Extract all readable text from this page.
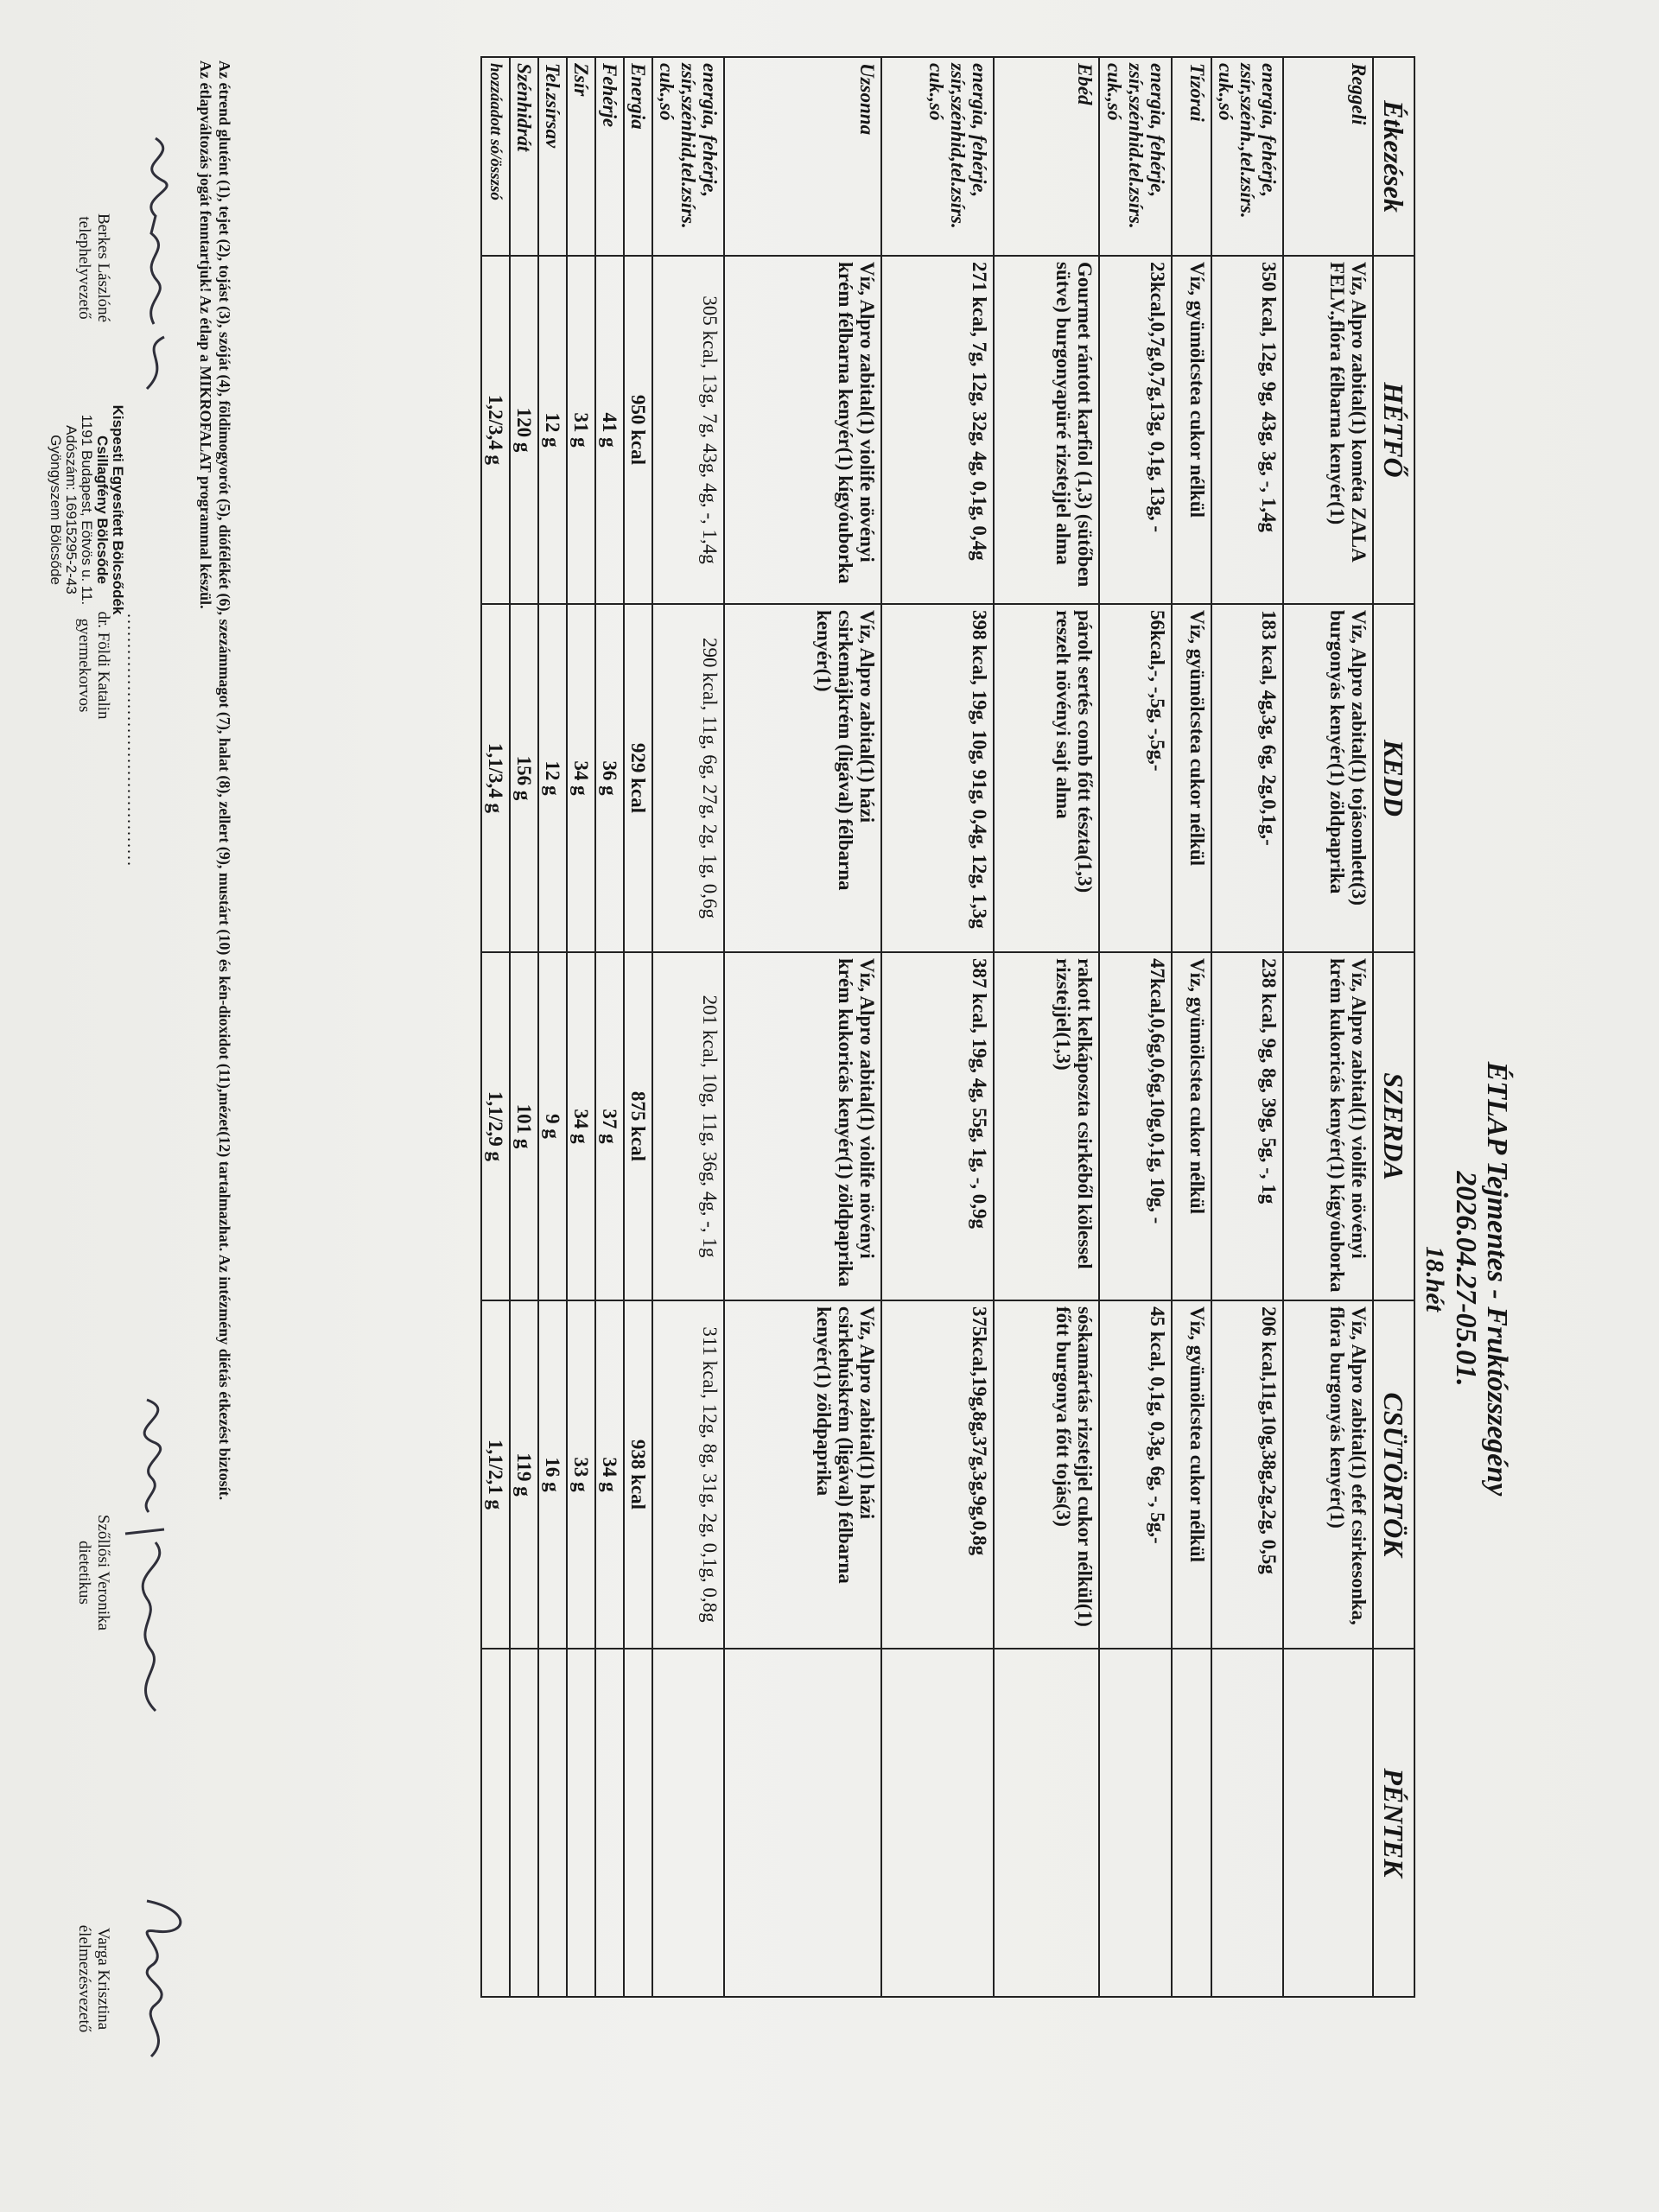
ÉTLAP Tejmentes - Fruktózszegény
2026.04.27-05.01.
18.hét
Étkezések	HÉTFŐ	KEDD	SZERDA	CSÜTÖRTÖK	PÉNTEK
Reggeli	Víz, Alpro zabital(1) kométa ZALA FELV.,flóra félbarna kenyér(1)	Víz, Alpro zabital(1) tojásomlett(3) burgonyás kenyér(1) zöldpaprika	Víz, Alpro zabital(1) violife növényi krém kukoricás kenyér(1) kígyóuborka	Víz, Alpro zabital(1) efef csirkesonka, flóra burgonyás kenyér(1)	
energia, fehérje, zsír,szénh.,tel.zsírs. cuk.,só	350 kcal, 12g, 9g, 43g, 3g, -, 1,4g	183 kcal, 4g,3g, 6g, 2g,0,1g,-	238 kcal, 9g, 8g, 39g, 5g, -, 1g	206 kcal,11g,10g,38g,2g,2g, 0,5g	
Tízórai	Víz, gyümölcstea cukor nélkül	Víz, gyümölcstea cukor nélkül	Víz, gyümölcstea cukor nélkül	Víz, gyümölcstea cukor nélkül	
energia, fehérje, zsír,szénhid.tel.zsírs. cuk.,só	23kcal,0,7g,0,7g,13g, 0,1g, 13g, -	56kcal,-, -,5g, -,5g,-	47kcal,0,6g,0,6g,10g,0,1g, 10g, -	45 kcal, 0,1g, 0,3g, 6g, -, 5g,-	
Ebéd	Gourmet rántott karfiol (1,3) (sütőben sütve) burgonyapüré rizstejjel alma	párolt sertés comb főtt tészta(1,3) reszelt növényi sajt alma	rakott kelkáposzta csirkéből kölessel rizstejjel(1,3)	sóskamártás rizstejjel cukor nélkül(1) főtt burgonya főtt tojás(3)	
energia, fehérje, zsír,szénhid,tel.zsírs. cuk.,só	271 kcal, 7g, 12g, 32g, 4g, 0,1g, 0,4g	398 kcal, 19g, 10g, 91g, 0,4g, 12g, 1,3g	387 kcal, 19g, 4g, 55g, 1g, -, 0,9g	375kcal,19g,8g,37g,3g,9g,0,8g	
Uzsonna	Víz, Alpro zabital(1) violife növényi krém félbarna kenyér(1) kígyóuborka	Víz, Alpro zabital(1) házi csirkemájkrém (ligával) félbarna kenyér(1)	Víz, Alpro zabital(1) violife növényi krém kukoricás kenyér(1) zöldpaprika	Víz, Alpro zabital(1) házi csirkehúskrém (ligával) félbarna kenyér(1) zöldpaprika	
energia, fehérje, zsír,szénhid,tel.zsírs. cuk.,só	305 kcal, 13g, 7g, 43g, 4g, -, 1,4g	290 kcal, 11g, 6g, 27g, 2g, 1g, 0,6g	201 kcal, 10g, 11g, 36g, 4g, -, 1g	311 kcal, 12g, 8g, 31g, 2g, 0,1g, 0,8g	
Energia	950 kcal	929 kcal	875 kcal	938 kcal	
Fehérje	41 g	36 g	37 g	34 g	
Zsír	31 g	34 g	34 g	33 g	
Tel.zsírsav	12 g	12 g	9 g	16 g	
Szénhidrát	120 g	156 g	101 g	119 g	
hozzáadott só/összsó	1,2/3,4 g	1,1/3,4 g	1,1/2,9 g	1,1/2,1 g	
Az étrend glutént (1), tejet (2), tojást (3), szóját (4), földimogyorót (5), diófélékét (6), szezámmagot (7), halat (8), zellert (9), mustárt (10) és kén-dioxidot (11),mézet(12) tartalmazhat. Az intézmény diétás étkezést biztosít.
Az étlapváltozás jogát fenntartjuk! Az étlap a MIKROFALAT programmal készül.
Berkes Lászlóné
telephelyvezető
..........................................
dr. Földi Katalin
gyermekorvos
Kispesti Egyesített Bölcsődék
Csillagfény Bölcsőde
1191 Budapest, Eötvös u. 11.
Adószám: 16915295-2-43
Gyöngyszem Bölcsőde
Szőllősi Veronika
dietetikus
Varga Krisztina
élelmezésvezető
